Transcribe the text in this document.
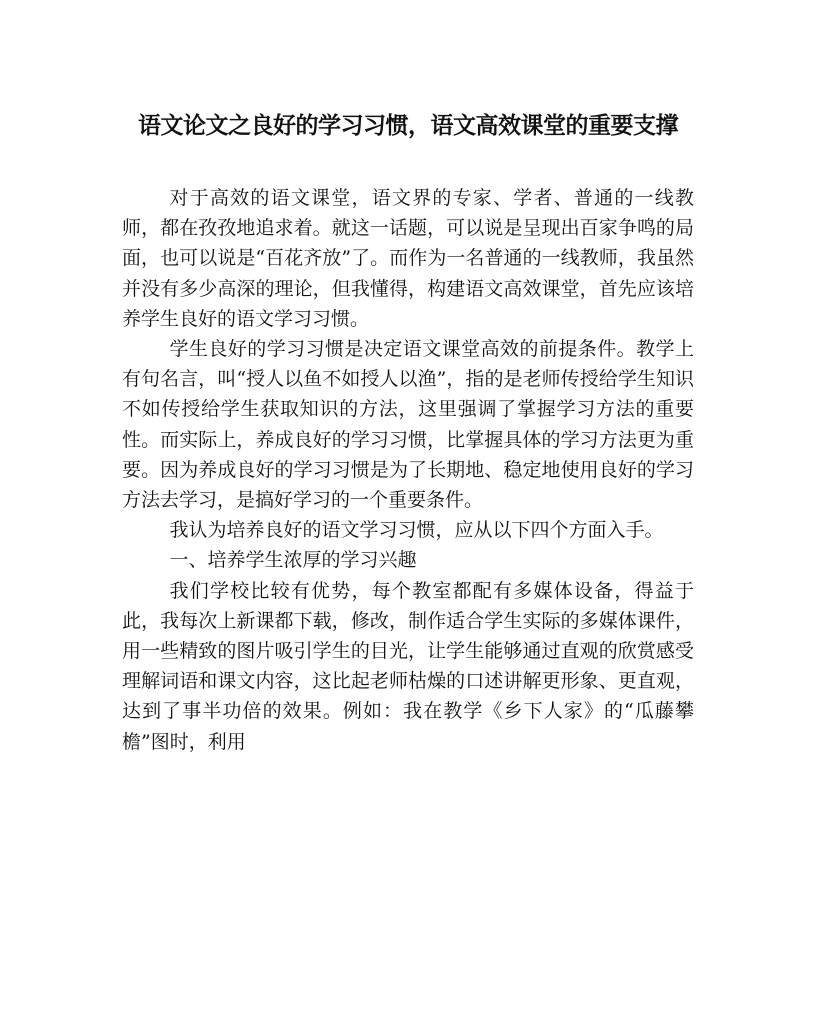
语文论文之良好的学习习惯，语文高效课堂的重要支撑

对于高效的语文课堂，语文界的专家、学者、普通的一线教师，都在孜孜地追求着。就这一话题，可以说是呈现出百家争鸣的局面，也可以说是“百花齐放”了。而作为一名普通的一线教师，我虽然并没有多少高深的理论，但我懂得，构建语文高效课堂，首先应该培养学生良好的语文学习习惯。

学生良好的学习习惯是决定语文课堂高效的前提条件。教学上有句名言，叫“授人以鱼不如授人以渔”，指的是老师传授给学生知识不如传授给学生获取知识的方法，这里强调了掌握学习方法的重要性。而实际上，养成良好的学习习惯，比掌握具体的学习方法更为重要。因为养成良好的学习习惯是为了长期地、稳定地使用良好的学习方法去学习，是搞好学习的一个重要条件。

我认为培养良好的语文学习习惯，应从以下四个方面入手。

一、培养学生浓厚的学习兴趣

我们学校比较有优势，每个教室都配有多媒体设备，得益于此，我每次上新课都下载，修改，制作适合学生实际的多媒体课件，用一些精致的图片吸引学生的目光，让学生能够通过直观的欣赏感受理解词语和课文内容，这比起老师枯燥的口述讲解更形象、更直观，达到了事半功倍的效果。例如：我在教学《乡下人家》的“瓜藤攀檐”图时，利用
